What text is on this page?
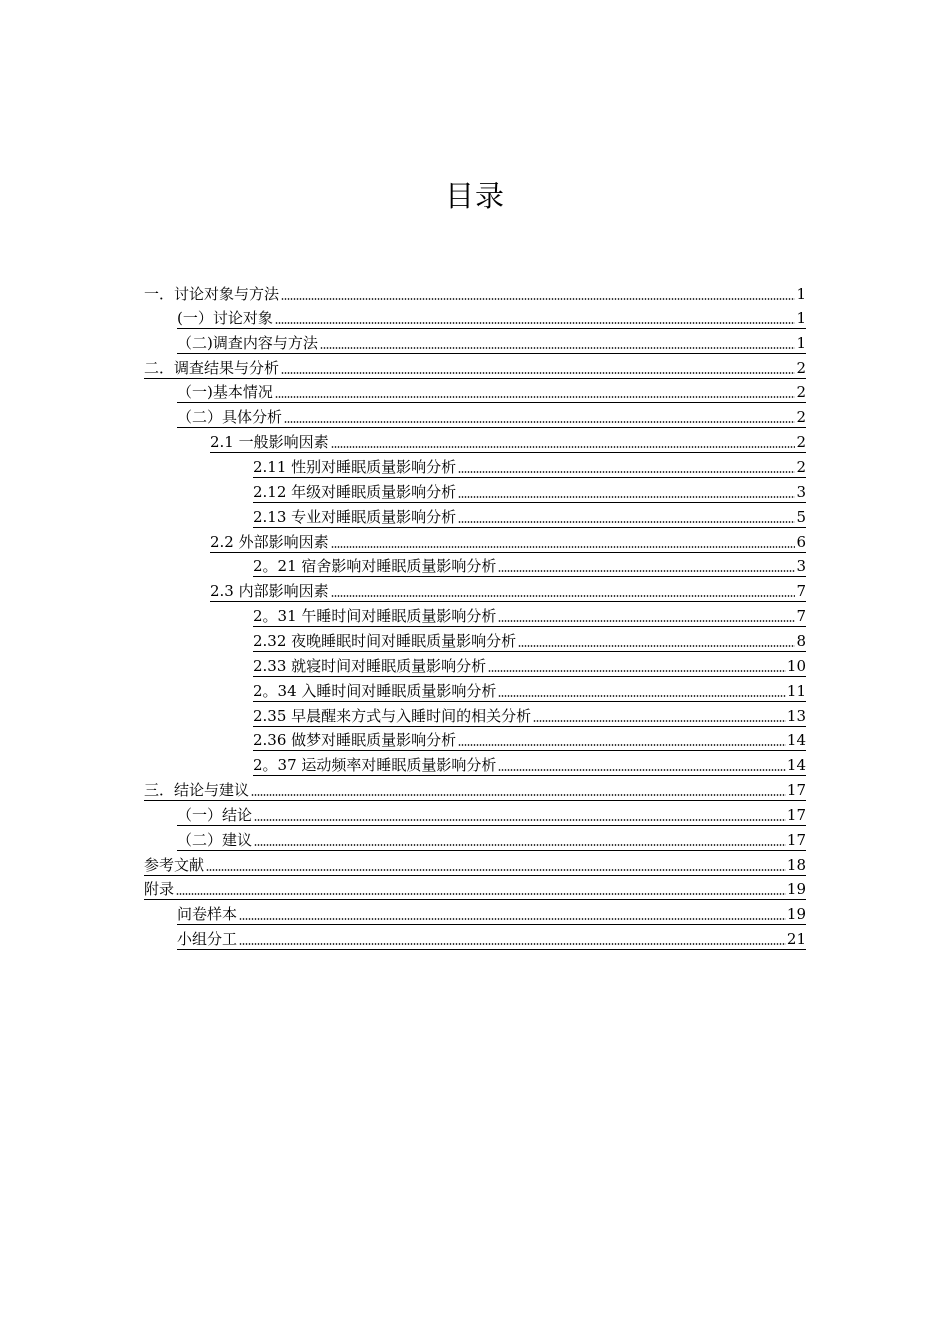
目录
一．讨论对象与方法	1
(一）讨论对象	1
（二)调查内容与方法	1
二．调查结果与分析	2
（一)基本情况	2
（二）具体分析	2
2.1 一般影响因素	2
2.11 性别对睡眠质量影响分析	2
2.12 年级对睡眠质量影响分析	3
2.13 专业对睡眠质量影响分析	5
2.2 外部影响因素	6
2。21 宿舍影响对睡眠质量影响分析	3
2.3 内部影响因素	7
2。31 午睡时间对睡眠质量影响分析	7
2.32 夜晚睡眠时间对睡眠质量影响分析	8
2.33 就寝时间对睡眠质量影响分析	10
2。34 入睡时间对睡眠质量影响分析	11
2.35 早晨醒来方式与入睡时间的相关分析	13
2.36 做梦对睡眠质量影响分析	14
2。37 运动频率对睡眠质量影响分析	14
三．结论与建议	17
（一）结论	17
（二）建议	17
参考文献	18
附录	19
问卷样本	19
小组分工	21
